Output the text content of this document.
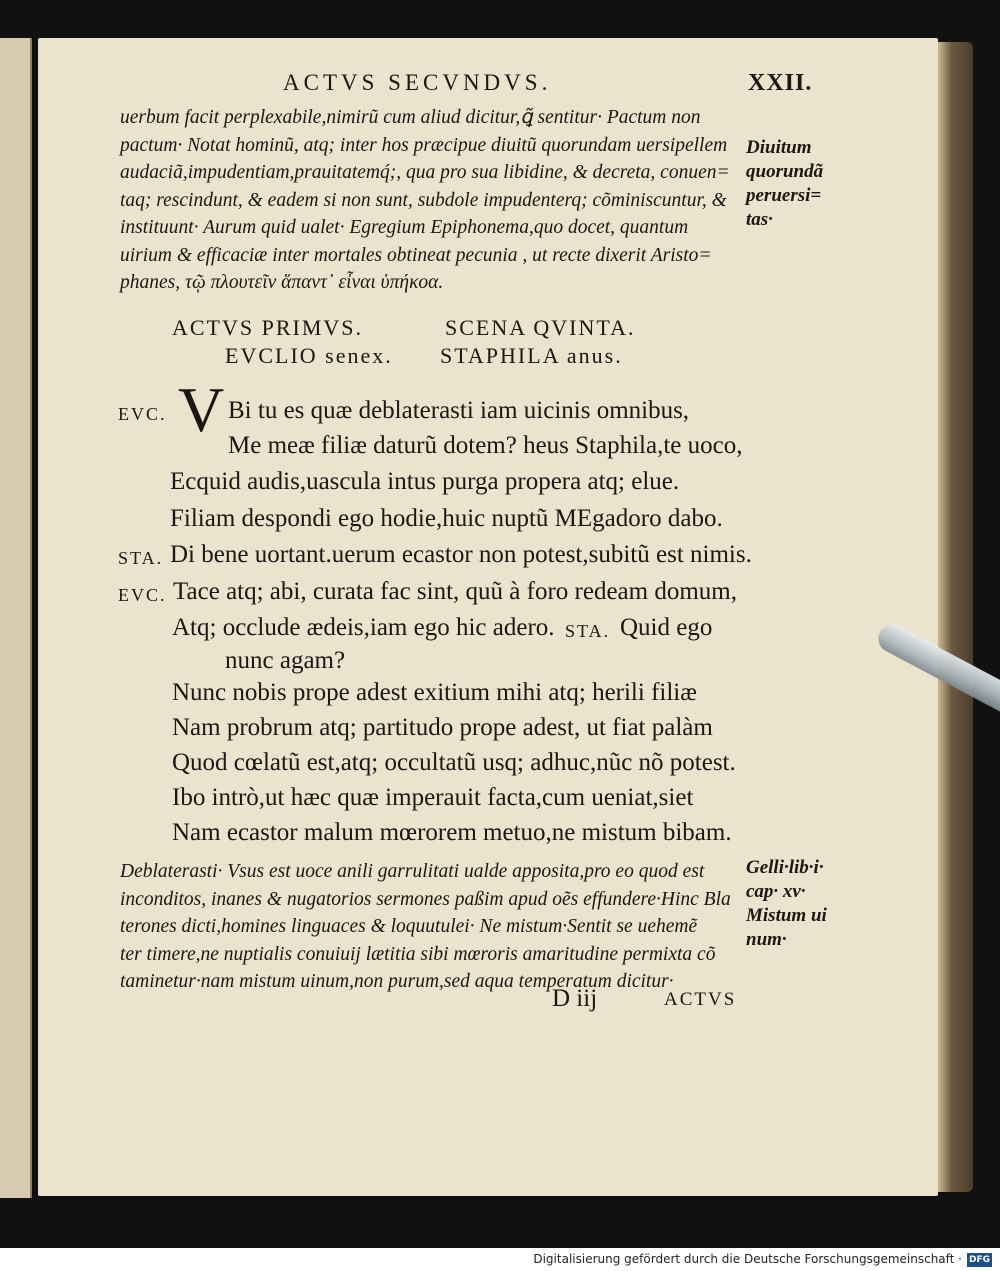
ACTVS SECVNDVS.	XXII.
uerbum facit perplexabile,nimirũ cum aliud dicitur,ꝗ̃ sentitur· Pactum non
pactum· Notat hominũ, atq; inter hos præcipue diuitũ quorundam uersipellem
audaciã,impudentiam,prauitatemq́;, qua pro sua libidine, & decreta, conuen=
taq; rescindunt, & eadem si non sunt, subdole impudenterq; cõminiscuntur, &
instituunt· Aurum quid ualet· Egregium Epiphonema,quo docet, quantum
uirium & efficaciæ inter mortales obtineat pecunia , ut recte dixerit Aristo=
phanes, τῷ πλουτεῖν ἅπαντ᾽ εἶναι ὑπήκοα.
Diuitum
quorundã
peruersi=
tas·
ACTVS PRIMVS.	SCENA QVINTA.
EVCLIO senex. STAPHILA anus.
V
EVC. Bi tu es quæ deblaterasti iam uicinis omnibus,
Me meæ filiæ daturũ dotem? heus Staphila,te uoco,
Ecquid audis,uascula intus purga propera atq; elue.
Filiam despondi ego hodie,huic nuptũ MEgadoro dabo.
STA. Di bene uortant.uerum ecastor non potest,subitũ est nimis.
EVC. Tace atq; abi, curata fac sint, quũ à foro redeam domum,
Atq; occlude ædeis,iam ego hic adero. STA. Quid ego
nunc agam?
Nunc nobis prope adest exitium mihi atq; herili filiæ
Nam probrum atq; partitudo prope adest, ut fiat palàm
Quod cœlatũ est,atq; occultatũ usq; adhuc,nũc nõ potest.
Ibo intrò,ut hæc quæ imperauit facta,cum ueniat,siet
Nam ecastor malum mœrorem metuo,ne mistum bibam.
Deblaterasti· Vsus est uoce anili garrulitati ualde apposita,pro eo quod est
inconditos, inanes & nugatorios sermones paßim apud oẽs effundere·Hinc Bla
terones dicti,homines linguaces & loquutulei· Ne mistum·Sentit se uehemẽ
ter timere,ne nuptialis conuiuij lætitia sibi mœroris amaritudine permixta cõ
taminetur·nam mistum uinum,non purum,sed aqua temperatum dicitur·
Gelli·lib·i·
cap· xv·
Mistum ui
num·
D iij	ACTVS
Digitalisierung gefördert durch die Deutsche Forschungsgemeinschaft · DFG
